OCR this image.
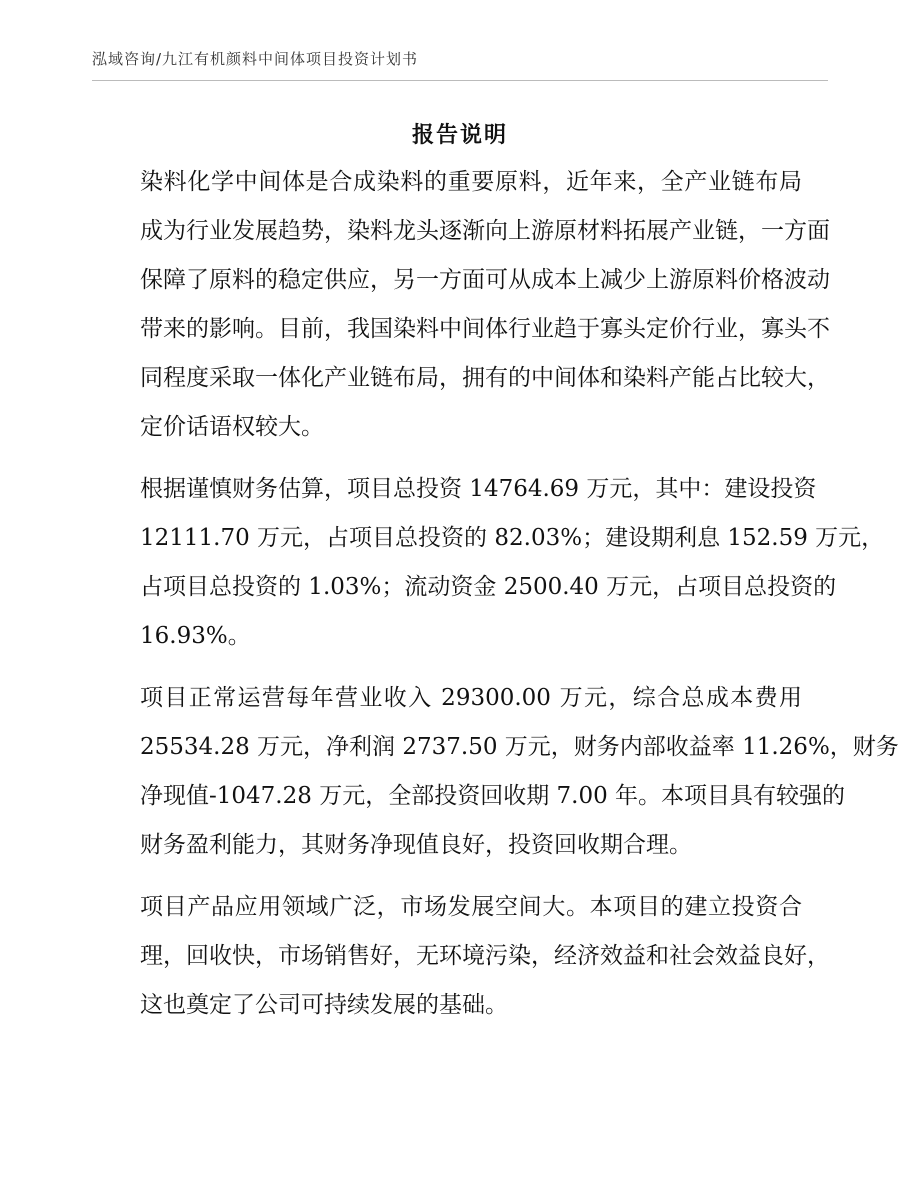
泓域咨询/九江有机颜料中间体项目投资计划书
报告说明
染料化学中间体是合成染料的重要原料，近年来，全产业链布局
成为行业发展趋势，染料龙头逐渐向上游原材料拓展产业链，一方面
保障了原料的稳定供应，另一方面可从成本上减少上游原料价格波动
带来的影响。目前，我国染料中间体行业趋于寡头定价行业，寡头不
同程度采取一体化产业链布局，拥有的中间体和染料产能占比较大，
定价话语权较大。
根据谨慎财务估算，项目总投资 14764.69 万元，其中：建设投资
12111.70 万元，占项目总投资的 82.03%；建设期利息 152.59 万元，
占项目总投资的 1.03%；流动资金 2500.40 万元，占项目总投资的
16.93%。
项目正常运营每年营业收入 29300.00 万元，综合总成本费用
25534.28 万元，净利润 2737.50 万元，财务内部收益率 11.26%，财务
净现值-1047.28 万元，全部投资回收期 7.00 年。本项目具有较强的
财务盈利能力，其财务净现值良好，投资回收期合理。
项目产品应用领域广泛，市场发展空间大。本项目的建立投资合
理，回收快，市场销售好，无环境污染，经济效益和社会效益良好，
这也奠定了公司可持续发展的基础。
